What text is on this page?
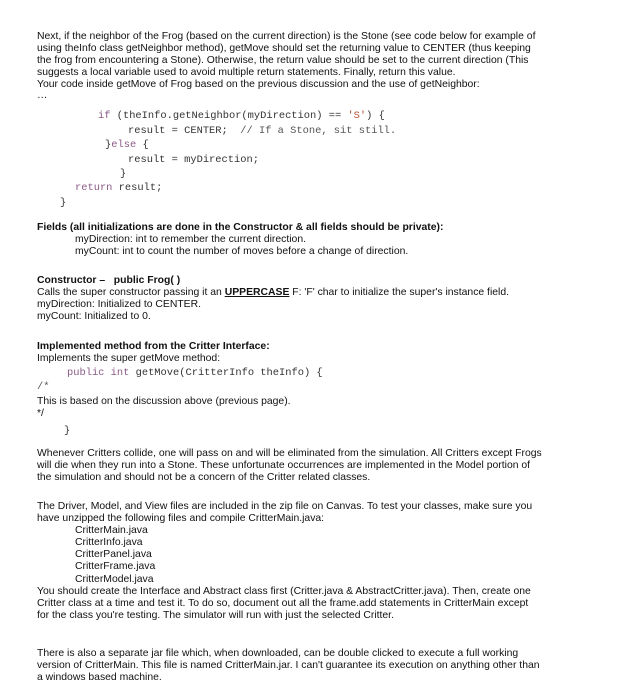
Next, if the neighbor of the Frog (based on the current direction) is the Stone (see code below for example of
using theInfo class getNeighbor method), getMove should set the returning value to CENTER (thus keeping
the frog from encountering a Stone). Otherwise, the return value should be set to the current direction (This
suggests a local variable used to avoid multiple return statements. Finally, return this value.
Your code inside getMove of Frog based on the previous discussion and the use of getNeighbor:
…
if (theInfo.getNeighbor(myDirection) == 'S') {
result = CENTER; // If a Stone, sit still.
}else {
result = myDirection;
}
return result;
}
Fields (all initializations are done in the Constructor & all fields should be private):
myDirection: int to remember the current direction.
myCount: int to count the number of moves before a change of direction.
Constructor – public Frog( )
Calls the super constructor passing it an UPPERCASE F: 'F' char to initialize the super's instance field.
myDirection: Initialized to CENTER.
myCount: Initialized to 0.
Implemented method from the Critter Interface:
Implements the super getMove method:
public int getMove(CritterInfo theInfo) {
/*
This is based on the discussion above (previous page).
*/
}
Whenever Critters collide, one will pass on and will be eliminated from the simulation. All Critters except Frogs
will die when they run into a Stone. These unfortunate occurrences are implemented in the Model portion of
the simulation and should not be a concern of the Critter related classes.
The Driver, Model, and View files are included in the zip file on Canvas. To test your classes, make sure you
have unzipped the following files and compile CritterMain.java:
CritterMain.java
CritterInfo.java
CritterPanel.java
CritterFrame.java
CritterModel.java
You should create the Interface and Abstract class first (Critter.java & AbstractCritter.java). Then, create one
Critter class at a time and test it. To do so, document out all the frame.add statements in CritterMain except
for the class you're testing. The simulator will run with just the selected Critter.
There is also a separate jar file which, when downloaded, can be double clicked to execute a full working
version of CritterMain. This file is named CritterMain.jar. I can't guarantee its execution on anything other than
a windows based machine.
